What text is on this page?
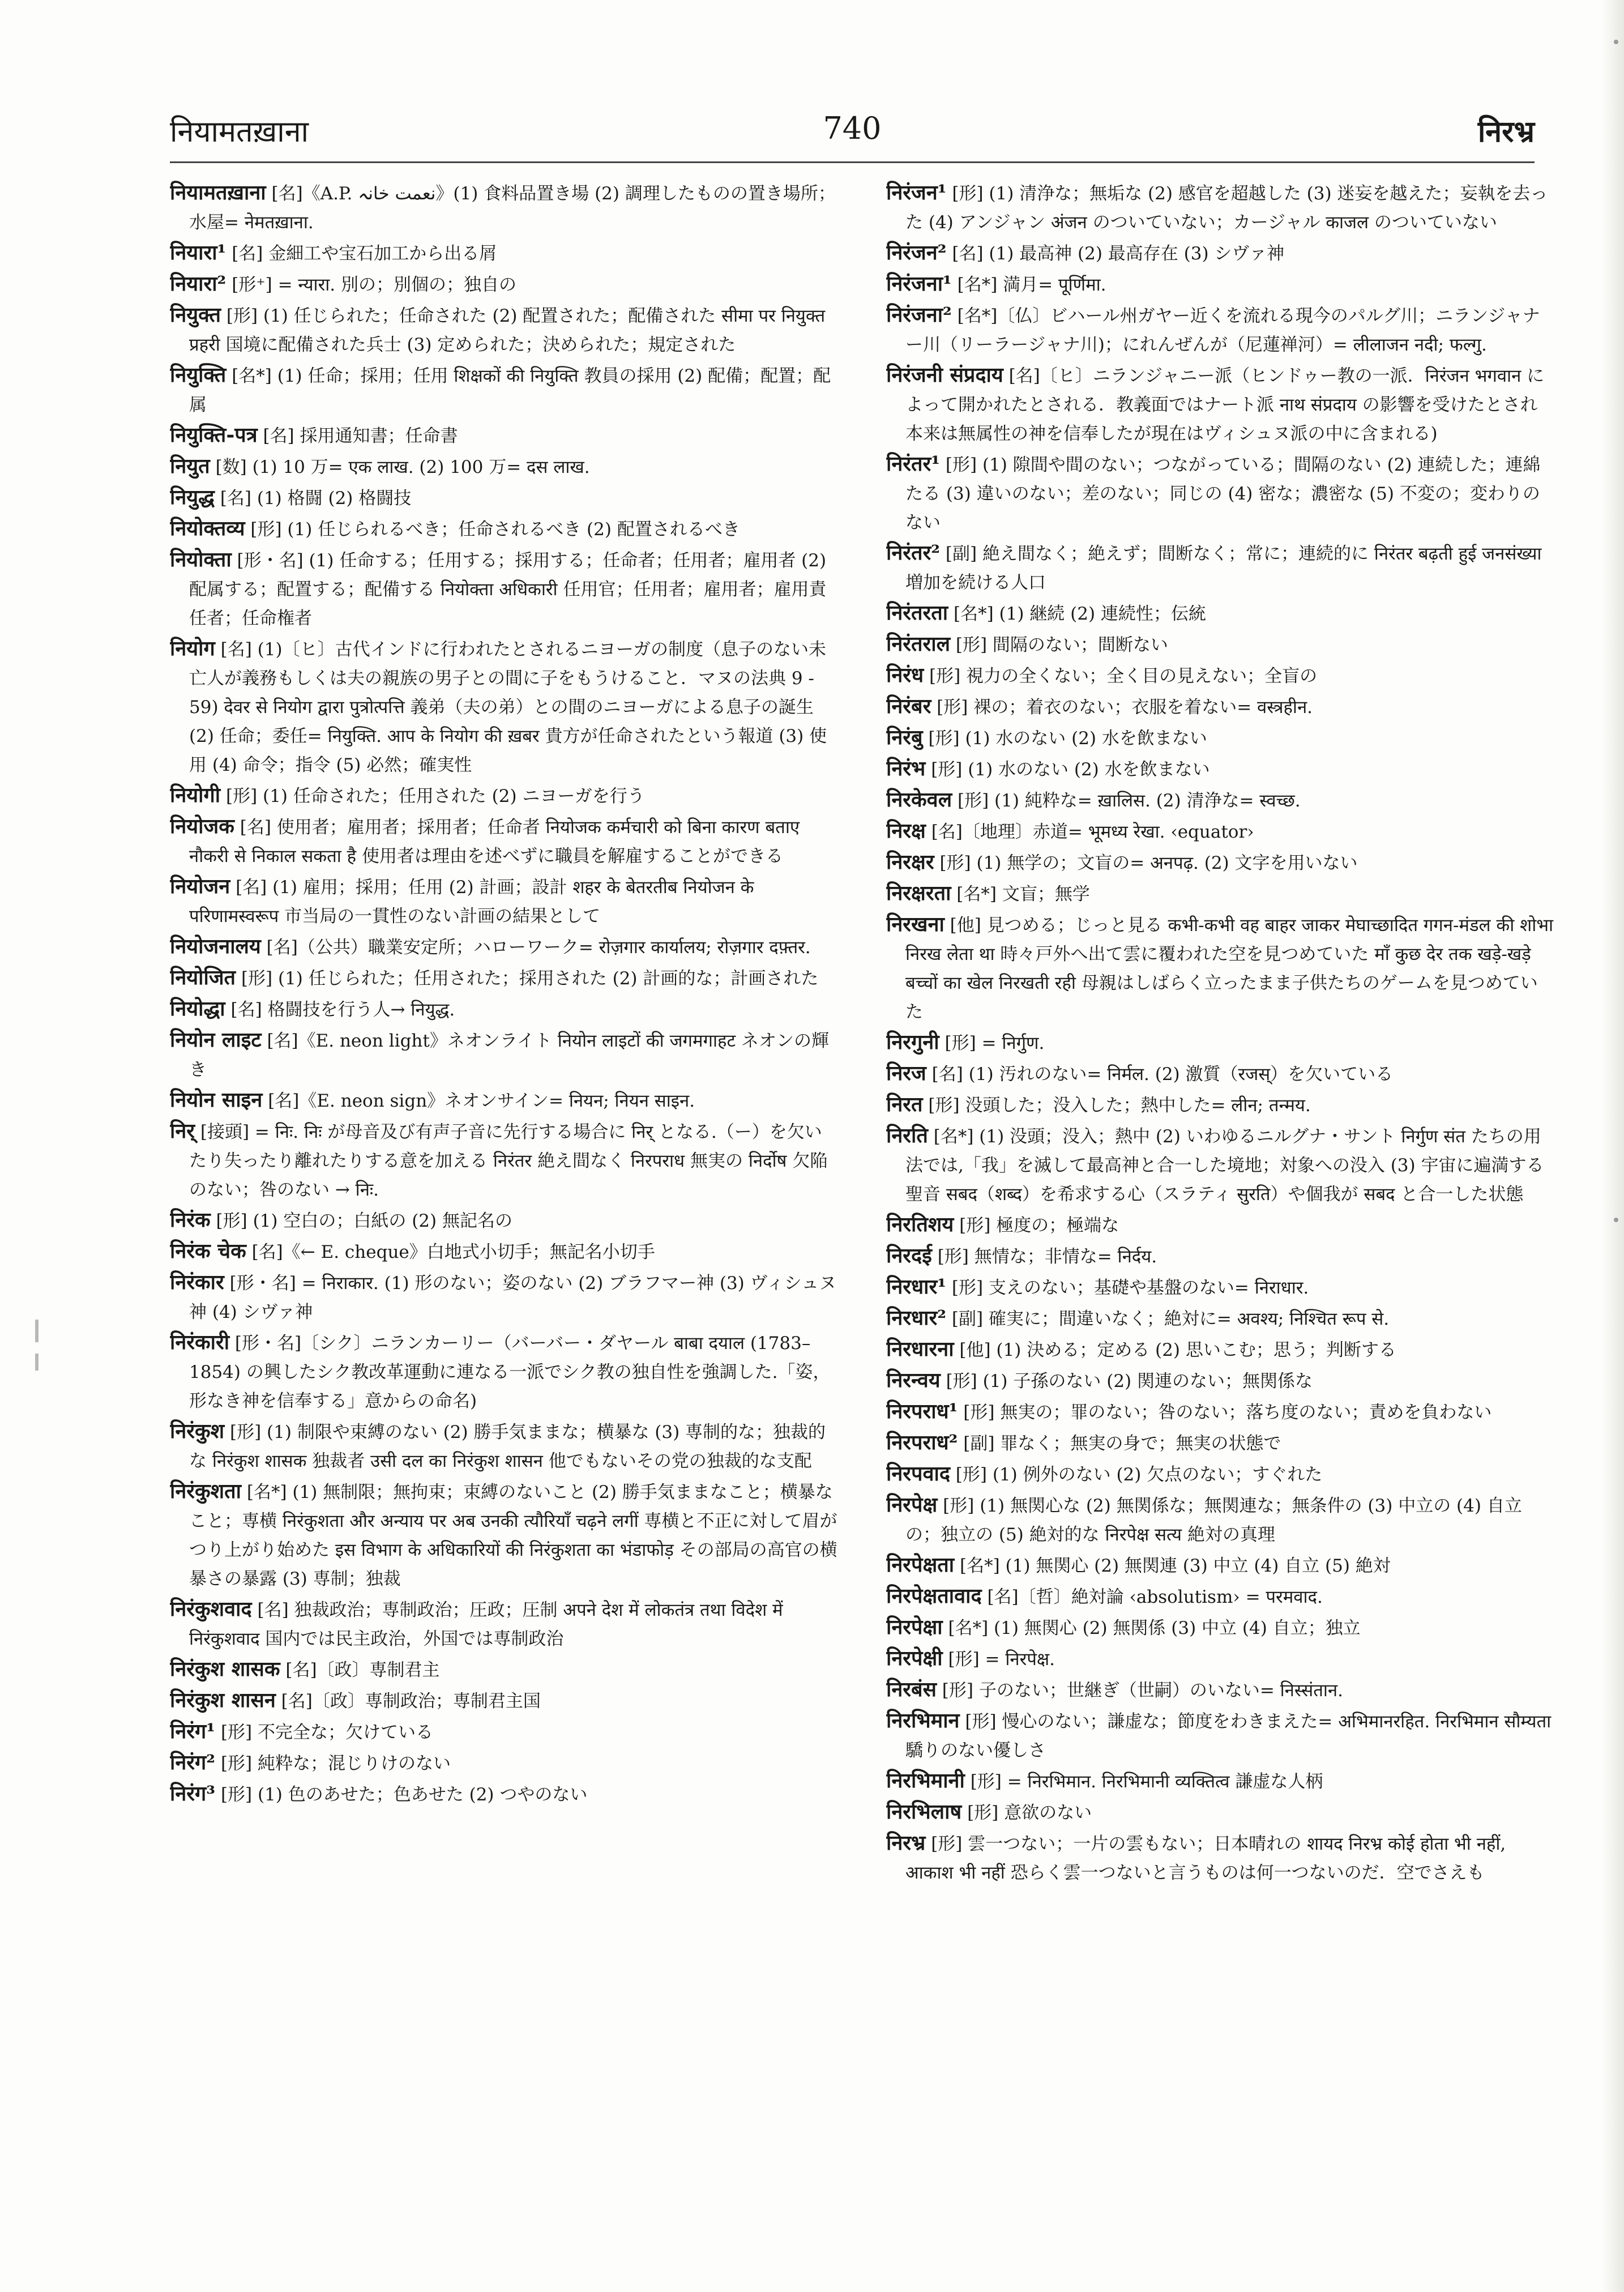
नियामतख़ाना	740	निरभ्र

नियामतख़ाना [名]《A.P. نعمت خانہ》(1) 食料品置き場 (2) 調理したものの置き場所；水屋= नेमतख़ाना.

नियारा¹ [名] 金細工や宝石加工から出る屑

नियारा² [形⁺] = न्यारा. 別の；別個の；独自の

नियुक्त [形] (1) 任じられた；任命された (2) 配置された；配備された सीमा पर नियुक्त प्रहरी 国境に配備された兵士 (3) 定められた；決められた；規定された

नियुक्ति [名*] (1) 任命；採用；任用 शिक्षकों की नियुक्ति 教員の採用 (2) 配備；配置；配属

नियुक्ति-पत्र [名] 採用通知書；任命書

नियुत [数] (1) 10 万= एक लाख. (2) 100 万= दस लाख.

नियुद्ध [名] (1) 格闘 (2) 格闘技

नियोक्तव्य [形] (1) 任じられるべき；任命されるべき (2) 配置されるべき

नियोक्ता [形・名] (1) 任命する；任用する；採用する；任命者；任用者；雇用者 (2) 配属する；配置する；配備する नियोक्ता अधिकारी 任用官；任用者；雇用者；雇用責任者；任命権者

नियोग [名] (1)〔ヒ〕古代インドに行われたとされるニヨーガの制度（息子のない未亡人が義務もしくは夫の親族の男子との間に子をもうけること．マヌの法典 9 - 59) देवर से नियोग द्वारा पुत्रोत्पत्ति 義弟（夫の弟）との間のニヨーガによる息子の誕生 (2) 任命；委任= नियुक्ति. आप के नियोग की ख़बर 貴方が任命されたという報道 (3) 使用 (4) 命令；指令 (5) 必然；確実性

नियोगी [形] (1) 任命された；任用された (2) ニヨーガを行う

नियोजक [名] 使用者；雇用者；採用者；任命者 नियोजक कर्मचारी को बिना कारण बताए नौकरी से निकाल सकता है 使用者は理由を述べずに職員を解雇することができる

नियोजन [名] (1) 雇用；採用；任用 (2) 計画；設計 शहर के बेतरतीब नियोजन के परिणामस्वरूप 市当局の一貫性のない計画の結果として

नियोजनालय [名]（公共）職業安定所；ハローワーク= रोज़गार कार्यालय; रोज़गार दफ़्तर.

नियोजित [形] (1) 任じられた；任用された；採用された (2) 計画的な；計画された

नियोद्धा [名] 格闘技を行う人→ नियुद्ध.

नियोन लाइट [名]《E. neon light》ネオンライト नियोन लाइटों की जगमगाहट ネオンの輝き

नियोन साइन [名]《E. neon sign》ネオンサイン= नियन; नियन साइन.

निर् [接頭] = निः. निः が母音及び有声子音に先行する場合に निर् となる.（ー）を欠いたり失ったり離れたりする意を加える निरंतर 絶え間なく निरपराध 無実の निर्दोष 欠陥のない；咎のない → निः.

निरंक [形] (1) 空白の；白紙の (2) 無記名の

निरंक चेक [名]《← E. cheque》白地式小切手；無記名小切手

निरंकार [形・名] = निराकार. (1) 形のない；姿のない (2) ブラフマー神 (3) ヴィシュヌ神 (4) シヴァ神

निरंकारी [形・名]〔シク〕ニランカーリー（バーバー・ダヤール बाबा दयाल (1783–1854) の興したシク教改革運動に連なる一派でシク教の独自性を強調した.「姿，形なき神を信奉する」意からの命名)

निरंकुश [形] (1) 制限や束縛のない (2) 勝手気ままな；横暴な (3) 専制的な；独裁的な निरंकुश शासक 独裁者 उसी दल का निरंकुश शासन 他でもないその党の独裁的な支配

निरंकुशता [名*] (1) 無制限；無拘束；束縛のないこと (2) 勝手気ままなこと；横暴なこと；専横 निरंकुशता और अन्याय पर अब उनकी त्यौरियाँ चढ़ने लगीं 専横と不正に対して眉がつり上がり始めた इस विभाग के अधिकारियों की निरंकुशता का भंडाफोड़ その部局の高官の横暴さの暴露 (3) 専制；独裁

निरंकुशवाद [名] 独裁政治；専制政治；圧政；圧制 अपने देश में लोकतंत्र तथा विदेश में निरंकुशवाद 国内では民主政治，外国では専制政治

निरंकुश शासक [名]〔政〕専制君主

निरंकुश शासन [名]〔政〕専制政治；専制君主国

निरंग¹ [形] 不完全な；欠けている

निरंग² [形] 純粋な；混じりけのない

निरंग³ [形] (1) 色のあせた；色あせた (2) つやのない

निरंजन¹ [形] (1) 清浄な；無垢な (2) 感官を超越した (3) 迷妄を越えた；妄執を去った (4) アンジャン अंजन のついていない；カージャル काजल のついていない

निरंजन² [名] (1) 最高神 (2) 最高存在 (3) シヴァ神

निरंजना¹ [名*] 満月= पूर्णिमा.

निरंजना² [名*]〔仏〕ビハール州ガヤー近くを流れる現今のパルグ川；ニランジャナー川（リーラージャナ川)；にれんぜんが（尼蓮禅河）= लीलाजन नदी; फल्गु.

निरंजनी संप्रदाय [名]〔ヒ〕ニランジャニー派（ヒンドゥー教の一派．निरंजन भगवान によって開かれたとされる．教義面ではナート派 नाथ संप्रदाय の影響を受けたとされ本来は無属性の神を信奉したが現在はヴィシュヌ派の中に含まれる)

निरंतर¹ [形] (1) 隙間や間のない；つながっている；間隔のない (2) 連続した；連綿たる (3) 違いのない；差のない；同じの (4) 密な；濃密な (5) 不変の；変わりのない

निरंतर² [副] 絶え間なく；絶えず；間断なく；常に；連続的に निरंतर बढ़ती हुई जनसंख्या 増加を続ける人口

निरंतरता [名*] (1) 継続 (2) 連続性；伝統

निरंतराल [形] 間隔のない；間断ない

निरंध [形] 視力の全くない；全く目の見えない；全盲の

निरंबर [形] 裸の；着衣のない；衣服を着ない= वस्त्रहीन.

निरंबु [形] (1) 水のない (2) 水を飲まない

निरंभ [形] (1) 水のない (2) 水を飲まない

निरकेवल [形] (1) 純粋な= ख़ालिस. (2) 清浄な= स्वच्छ.

निरक्ष [名]〔地理〕赤道= भूमध्य रेखा. ‹equator›

निरक्षर [形] (1) 無学の；文盲の= अनपढ़. (2) 文字を用いない

निरक्षरता [名*] 文盲；無学

निरखना [他] 見つめる；じっと見る कभी-कभी वह बाहर जाकर मेघाच्छादित गगन-मंडल की शोभा निरख लेता था 時々戸外へ出て雲に覆われた空を見つめていた माँ कुछ देर तक खड़े-खड़े बच्चों का खेल निरखती रही 母親はしばらく立ったまま子供たちのゲームを見つめていた

निरगुनी [形] = निर्गुण.

निरज [名] (1) 汚れのない= निर्मल. (2) 激質（रजस्）を欠いている

निरत [形] 没頭した；没入した；熱中した= लीन; तन्मय.

निरति [名*] (1) 没頭；没入；熱中 (2) いわゆるニルグナ・サント निर्गुण संत たちの用法では,「我」を滅して最高神と合一した境地；対象への没入 (3) 宇宙に遍満する聖音 सबद（शब्द）を希求する心（スラティ सुरति）や個我が सबद と合一した状態

निरतिशय [形] 極度の；極端な

निरदई [形] 無情な；非情な= निर्दय.

निरधार¹ [形] 支えのない；基礎や基盤のない= निराधार.

निरधार² [副] 確実に；間違いなく；絶対に= अवश्य; निश्चित रूप से.

निरधारना [他] (1) 決める；定める (2) 思いこむ；思う；判断する

निरन्वय [形] (1) 子孫のない (2) 関連のない；無関係な

निरपराध¹ [形] 無実の；罪のない；咎のない；落ち度のない；責めを負わない

निरपराध² [副] 罪なく；無実の身で；無実の状態で

निरपवाद [形] (1) 例外のない (2) 欠点のない；すぐれた

निरपेक्ष [形] (1) 無関心な (2) 無関係な；無関連な；無条件の (3) 中立の (4) 自立の；独立の (5) 絶対的な निरपेक्ष सत्य 絶対の真理

निरपेक्षता [名*] (1) 無関心 (2) 無関連 (3) 中立 (4) 自立 (5) 絶対

निरपेक्षतावाद [名]〔哲〕絶対論 ‹absolutism› = परमवाद.

निरपेक्षा [名*] (1) 無関心 (2) 無関係 (3) 中立 (4) 自立；独立

निरपेक्षी [形] = निरपेक्ष.

निरबंस [形] 子のない；世継ぎ（世嗣）のいない= निस्संतान.

निरभिमान [形] 慢心のない；謙虚な；節度をわきまえた= अभिमानरहित. निरभिमान सौम्यता 驕りのない優しさ

निरभिमानी [形] = निरभिमान. निरभिमानी व्यक्तित्व 謙虚な人柄

निरभिलाष [形] 意欲のない

निरभ्र [形] 雲一つない；一片の雲もない；日本晴れの शायद निरभ्र कोई होता भी नहीं, आकाश भी नहीं 恐らく雲一つないと言うものは何一つないのだ．空でさえも
